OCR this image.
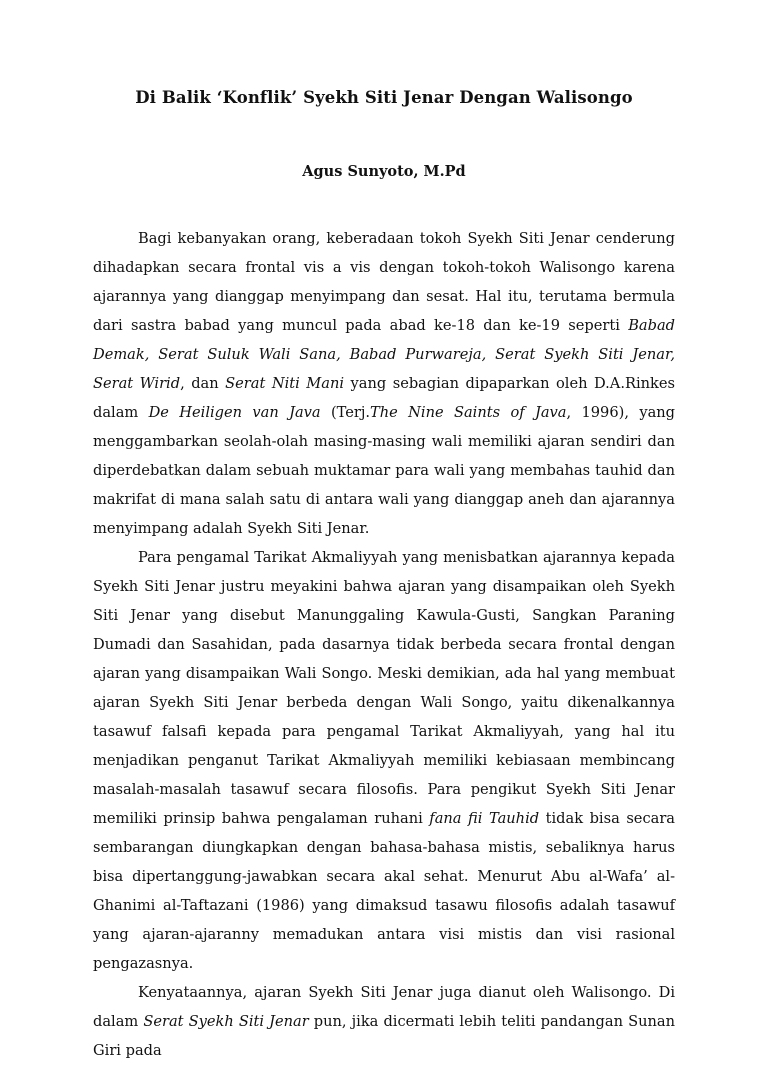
Di Balik ‘Konflik’ Syekh Siti Jenar Dengan Walisongo
Agus Sunyoto, M.Pd

Bagi kebanyakan orang, keberadaan tokoh Syekh Siti Jenar cenderung dihadapkan secara frontal vis a vis dengan tokoh-tokoh Walisongo karena ajarannya yang dianggap menyimpang dan sesat. Hal itu, terutama bermula dari sastra babad yang muncul pada abad ke-18 dan ke-19 seperti Babad Demak, Serat Suluk Wali Sana, Babad Purwareja, Serat Syekh Siti Jenar, Serat Wirid, dan Serat Niti Mani yang sebagian dipaparkan oleh D.A.Rinkes dalam De Heiligen van Java (Terj.The Nine Saints of Java, 1996), yang menggambarkan seolah-olah masing-masing wali memiliki ajaran sendiri dan diperdebatkan dalam sebuah muktamar para wali yang membahas tauhid dan makrifat di mana salah satu di antara wali yang dianggap aneh dan ajarannya menyimpang adalah Syekh Siti Jenar.

Para pengamal Tarikat Akmaliyyah yang menisbatkan ajarannya kepada Syekh Siti Jenar justru meyakini bahwa ajaran yang disampaikan oleh Syekh Siti Jenar yang disebut Manunggaling Kawula-Gusti, Sangkan Paraning Dumadi dan Sasahidan, pada dasarnya tidak berbeda secara frontal dengan ajaran yang disampaikan Wali Songo. Meski demikian, ada hal yang membuat ajaran Syekh Siti Jenar berbeda dengan Wali Songo, yaitu dikenalkannya tasawuf falsafi kepada para pengamal Tarikat Akmaliyyah, yang hal itu menjadikan penganut Tarikat Akmaliyyah memiliki kebiasaan membincang masalah-masalah tasawuf secara filosofis. Para pengikut Syekh Siti Jenar memiliki prinsip bahwa pengalaman ruhani fana fii Tauhid tidak bisa secara sembarangan diungkapkan dengan bahasa-bahasa mistis, sebaliknya harus bisa dipertanggung-jawabkan secara akal sehat. Menurut Abu al-Wafa’ al-Ghanimi al-Taftazani (1986) yang dimaksud tasawu filosofis adalah tasawuf yang ajaran-ajaranny memadukan antara visi mistis dan visi rasional pengazasnya.

Kenyataannya, ajaran Syekh Siti Jenar juga dianut oleh Walisongo. Di dalam Serat Syekh Siti Jenar pun, jika dicermati lebih teliti pandangan Sunan Giri pada
